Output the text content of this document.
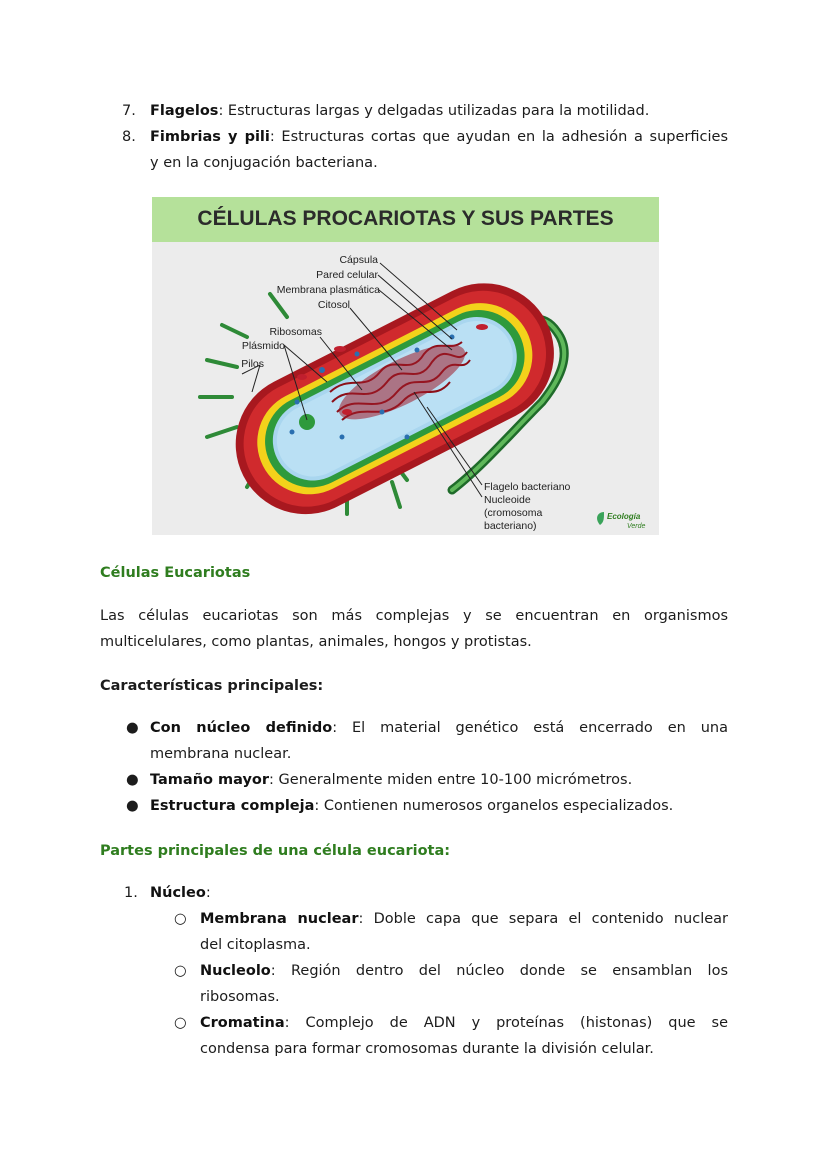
7. Flagelos: Estructuras largas y delgadas utilizadas para la motilidad.
8. Fimbrias y pili: Estructuras cortas que ayudan en la adhesión a superficies
y en la conjugación bacteriana.
CÉLULAS PROCARIOTAS Y SUS PARTES
Cápsula
Pared celular
Membrana plasmática
Citosol
Ribosomas
Plásmido
Pilos
Flagelo bacteriano
Nucleoide
(cromosoma
bacteriano)
Ecología
Verde
Células Eucariotas
Las células eucariotas son más complejas y se encuentran en organismos
multicelulares, como plantas, animales, hongos y protistas.
Características principales:
● Con núcleo definido: El material genético está encerrado en una
membrana nuclear.
● Tamaño mayor: Generalmente miden entre 10-100 micrómetros.
● Estructura compleja: Contienen numerosos organelos especializados.
Partes principales de una célula eucariota:
1. Núcleo:
○ Membrana nuclear: Doble capa que separa el contenido nuclear
del citoplasma.
○ Nucleolo: Región dentro del núcleo donde se ensamblan los
ribosomas.
○ Cromatina: Complejo de ADN y proteínas (histonas) que se
condensa para formar cromosomas durante la división celular.
